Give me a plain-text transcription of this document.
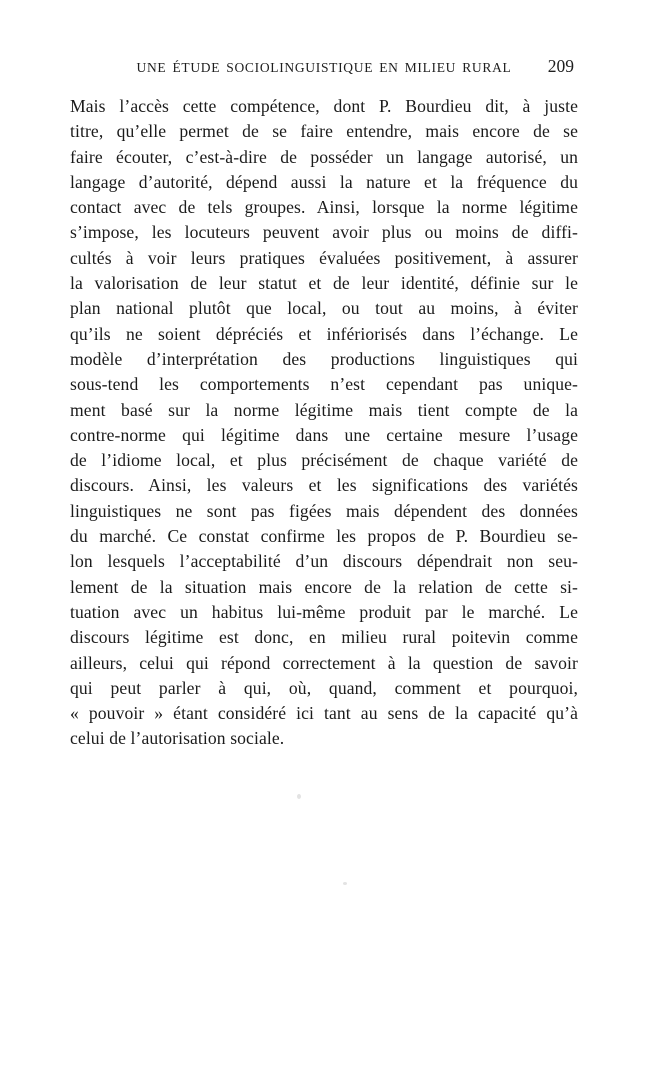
UNE ÉTUDE SOCIOLINGUISTIQUE EN MILIEU RURAL	209
Mais l’accès cette compétence, dont P. Bourdieu dit, à juste
titre, qu’elle permet de se faire entendre, mais encore de se
faire écouter, c’est-à-dire de posséder un langage autorisé, un
langage d’autorité, dépend aussi la nature et la fréquence du
contact avec de tels groupes. Ainsi, lorsque la norme légitime
s’impose, les locuteurs peuvent avoir plus ou moins de diffi-
cultés à voir leurs pratiques évaluées positivement, à assurer
la valorisation de leur statut et de leur identité, définie sur le
plan national plutôt que local, ou tout au moins, à éviter
qu’ils ne soient dépréciés et infériorisés dans l’échange. Le
modèle d’interprétation des productions linguistiques qui
sous-tend les comportements n’est cependant pas unique-
ment basé sur la norme légitime mais tient compte de la
contre-norme qui légitime dans une certaine mesure l’usage
de l’idiome local, et plus précisément de chaque variété de
discours. Ainsi, les valeurs et les significations des variétés
linguistiques ne sont pas figées mais dépendent des données
du marché. Ce constat confirme les propos de P. Bourdieu se-
lon lesquels l’acceptabilité d’un discours dépendrait non seu-
lement de la situation mais encore de la relation de cette si-
tuation avec un habitus lui-même produit par le marché. Le
discours légitime est donc, en milieu rural poitevin comme
ailleurs, celui qui répond correctement à la question de savoir
qui peut parler à qui, où, quand, comment et pourquoi,
« pouvoir » étant considéré ici tant au sens de la capacité qu’à
celui de l’autorisation sociale.
